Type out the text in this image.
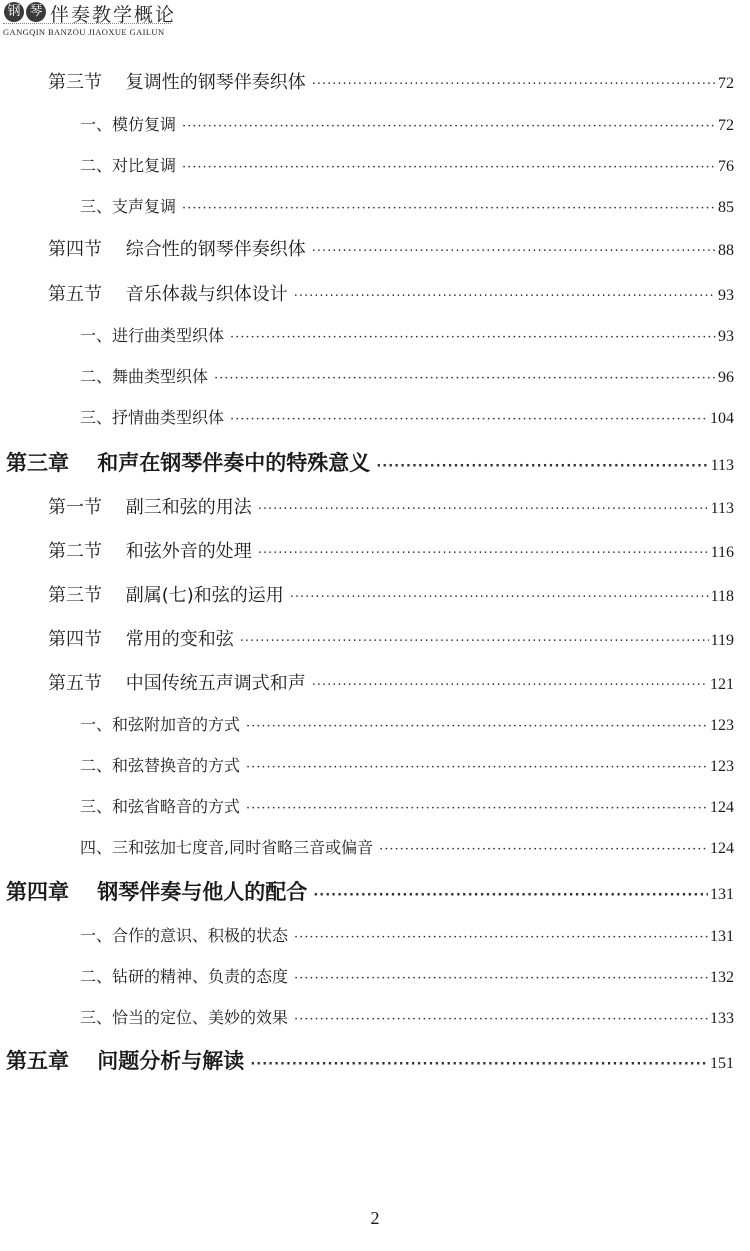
钢 琴 伴奏教学概论
GANGQIN BANZOU JIAOXUE GAILUN
第三节　 复调性的钢琴伴奏织体 ·····	72
一、模仿复调 ·····	72
二、对比复调 ·····	76
三、支声复调 ·····	85
第四节　 综合性的钢琴伴奏织体 ·····	88
第五节　 音乐体裁与织体设计 ·····	93
一、进行曲类型织体 ·····	93
二、舞曲类型织体 ·····	96
三、抒情曲类型织体 ·····	104
第三章　 和声在钢琴伴奏中的特殊意义 ·····	113
第一节　 副三和弦的用法 ·····	113
第二节　 和弦外音的处理 ·····	116
第三节　 副属(七)和弦的运用 ·····	118
第四节　 常用的变和弦 ·····	119
第五节　 中国传统五声调式和声 ·····	121
一、和弦附加音的方式 ·····	123
二、和弦替换音的方式 ·····	123
三、和弦省略音的方式 ·····	124
四、三和弦加七度音,同时省略三音或偏音 ·····	124
第四章　 钢琴伴奏与他人的配合 ·····	131
一、合作的意识、积极的状态 ·····	131
二、钻研的精神、负责的态度 ·····	132
三、恰当的定位、美妙的效果 ·····	133
第五章　 问题分析与解读 ·····	151
2
